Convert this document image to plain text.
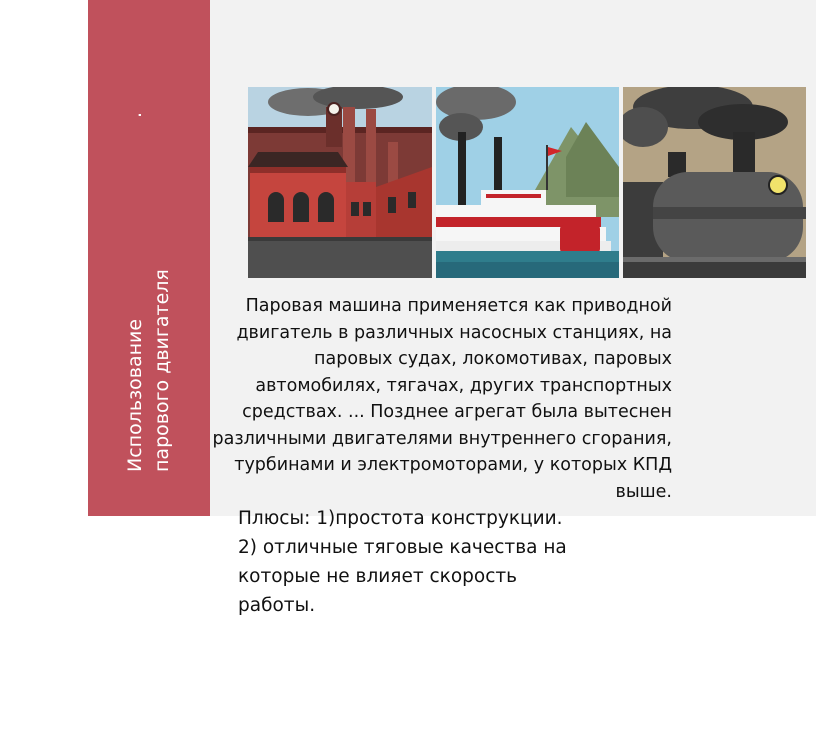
Использование
.
парового двигателя	Паровая машина применяется как приводной двигатель в различных насосных станциях, на паровых судах, локомотивах, паровых автомобилях, тягачах, других транспортных средствах. ... Позднее агрегат была вытеснен различными двигателями внутреннего сгорания, турбинами и электромоторами, у которых КПД выше.
Плюсы: 1)простота конструкции.
2) отличные тяговые качества на
которые не влияет скорость
работы.
